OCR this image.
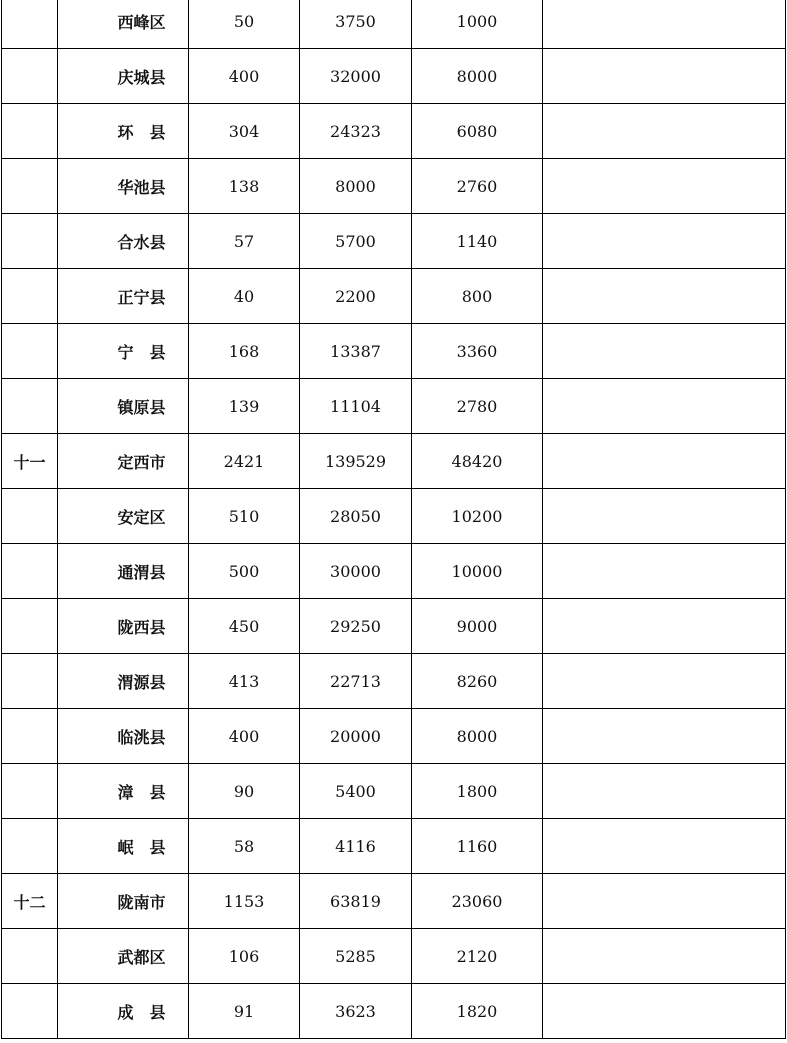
	西峰区	50	3750	1000	
	庆城县	400	32000	8000	
	环　县	304	24323	6080	
	华池县	138	8000	2760	
	合水县	57	5700	1140	
	正宁县	40	2200	800	
	宁　县	168	13387	3360	
	镇原县	139	11104	2780	
十一	定西市	2421	139529	48420	
	安定区	510	28050	10200	
	通渭县	500	30000	10000	
	陇西县	450	29250	9000	
	渭源县	413	22713	8260	
	临洮县	400	20000	8000	
	漳　县	90	5400	1800	
	岷　县	58	4116	1160	
十二	陇南市	1153	63819	23060	
	武都区	106	5285	2120	
	成　县	91	3623	1820	
